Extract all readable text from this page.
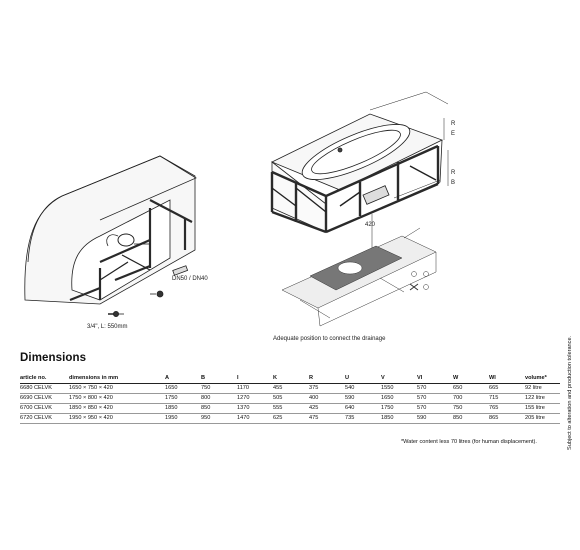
DN50 / DN40
3/4", L: 550mm
Adequate position to connect the drainage
R
E
R
B
420
Dimensions
article no.	dimensions in mm	A	B	I	K	R	U	V	VI	W	WI	volume*
6680 CELVK	1650 × 750 × 420	1650	750	1170	455	375	540	1550	570	650	665	92 litre
6690 CELVK	1750 × 800 × 420	1750	800	1270	505	400	590	1650	570	700	715	122 litre
6700 CELVK	1850 × 850 × 420	1850	850	1370	555	425	640	1750	570	750	765	155 litre
6720 CELVK	1950 × 950 × 420	1950	950	1470	625	475	735	1850	590	850	865	205 litre
*Water content less 70 litres (for human displacement).	Subject to alteration and production tolerance.
